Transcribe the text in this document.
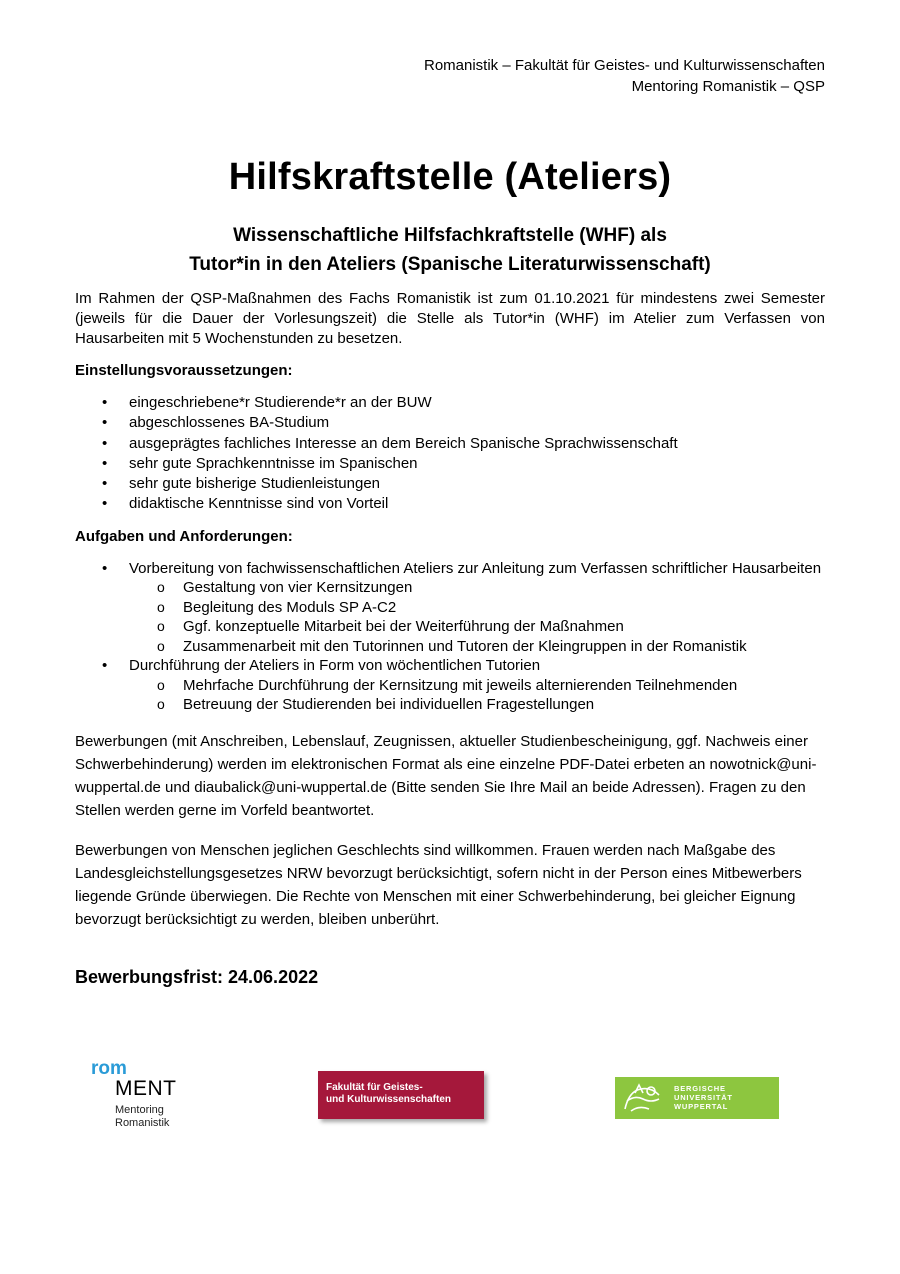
Romanistik – Fakultät für Geistes- und Kulturwissenschaften
Mentoring Romanistik – QSP
Hilfskraftstelle (Ateliers)
Wissenschaftliche Hilfsfachkraftstelle (WHF) als
Tutor*in in den Ateliers (Spanische Literaturwissenschaft)

Im Rahmen der QSP-Maßnahmen des Fachs Romanistik ist zum 01.10.2021 für mindestens zwei Semester (jeweils für die Dauer der Vorlesungszeit) die Stelle als Tutor*in (WHF) im Atelier zum Verfassen von Hausarbeiten mit 5 Wochenstunden zu besetzen.

Einstellungsvoraussetzungen:
• eingeschriebene*r Studierende*r an der BUW
• abgeschlossenes BA-Studium
• ausgeprägtes fachliches Interesse an dem Bereich Spanische Sprachwissenschaft
• sehr gute Sprachkenntnisse im Spanischen
• sehr gute bisherige Studienleistungen
• didaktische Kenntnisse sind von Vorteil
Aufgaben und Anforderungen:
• Vorbereitung von fachwissenschaftlichen Ateliers zur Anleitung zum Verfassen schriftlicher Hausarbeiten
o Gestaltung von vier Kernsitzungen
o Begleitung des Moduls SP A-C2
o Ggf. konzeptuelle Mitarbeit bei der Weiterführung der Maßnahmen
o Zusammenarbeit mit den Tutorinnen und Tutoren der Kleingruppen in der Romanistik
• Durchführung der Ateliers in Form von wöchentlichen Tutorien
o Mehrfache Durchführung der Kernsitzung mit jeweils alternierenden Teilnehmenden
o Betreuung der Studierenden bei individuellen Fragestellungen

Bewerbungen (mit Anschreiben, Lebenslauf, Zeugnissen, aktueller Studienbescheinigung, ggf. Nachweis einer Schwerbehinderung) werden im elektronischen Format als eine einzelne PDF-Datei erbeten an nowotnick@uni-wuppertal.de und diaubalick@uni-wuppertal.de (Bitte senden Sie Ihre Mail an beide Adressen). Fragen zu den Stellen werden gerne im Vorfeld beantwortet.

Bewerbungen von Menschen jeglichen Geschlechts sind willkommen. Frauen werden nach Maßgabe des Landesgleichstellungsgesetzes NRW bevorzugt berücksichtigt, sofern nicht in der Person eines Mitbewerbers liegende Gründe überwiegen. Die Rechte von Menschen mit einer Schwerbehinderung, bei gleicher Eignung bevorzugt berücksichtigt zu werden, bleiben unberührt.

Bewerbungsfrist: 24.06.2022
rom
MENT
Mentoring
Romanistik
Fakultät für Geistes-
und Kulturwissenschaften
BERGISCHE
UNIVERSITÄT
WUPPERTAL
